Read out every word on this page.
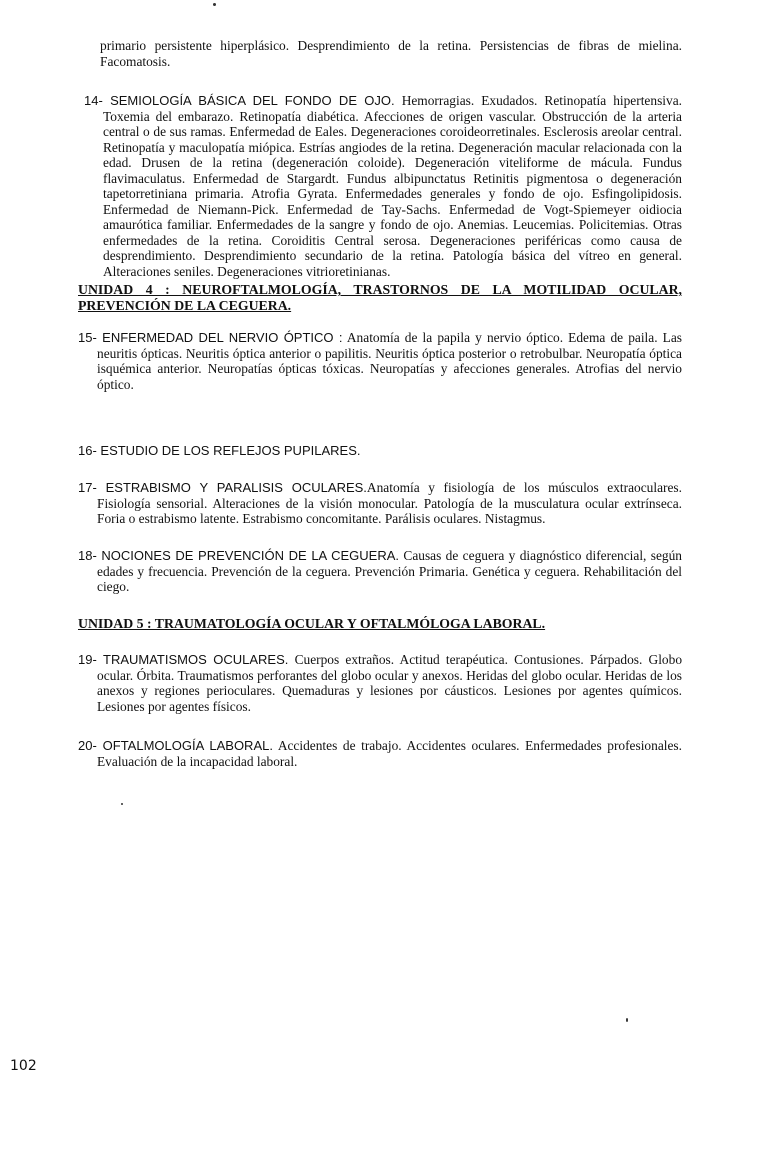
primario persistente hiperplásico. Desprendimiento de la retina. Persistencias de fibras de mielina. Facomatosis.
14- SEMIOLOGÍA BÁSICA DEL FONDO DE OJO. Hemorragias. Exudados. Retinopatía hipertensiva. Toxemia del embarazo. Retinopatía diabética. Afecciones de origen vascular. Obstrucción de la arteria central o de sus ramas. Enfermedad de Eales. Degeneraciones coroideorretinales. Esclerosis areolar central. Retinopatía y maculopatía miópica. Estrías angiodes de la retina. Degeneración macular relacionada con la edad. Drusen de la retina (degeneración coloide). Degeneración viteliforme de mácula. Fundus flavimaculatus. Enfermedad de Stargardt. Fundus albipunctatus Retinitis pigmentosa o degeneración tapetorretiniana primaria. Atrofia Gyrata. Enfermedades generales y fondo de ojo. Esfingolipidosis. Enfermedad de Niemann-Pick. Enfermedad de Tay-Sachs. Enfermedad de Vogt-Spiemeyer oidiocia amaurótica familiar. Enfermedades de la sangre y fondo de ojo. Anemias. Leucemias. Policitemias. Otras enfermedades de la retina. Coroiditis Central serosa. Degeneraciones periféricas como causa de desprendimiento. Desprendimiento secundario de la retina. Patología básica del vítreo en general. Alteraciones seniles. Degeneraciones vitrioretinianas.
UNIDAD 4 : NEUROFTALMOLOGÍA, TRASTORNOS DE LA MOTILIDAD OCULAR,
PREVENCIÓN DE LA CEGUERA.
15- ENFERMEDAD DEL NERVIO ÓPTICO : Anatomía de la papila y nervio óptico. Edema de paila. Las neuritis ópticas. Neuritis óptica anterior o papilitis. Neuritis óptica posterior o retrobulbar. Neuropatía óptica isquémica anterior. Neuropatías ópticas tóxicas. Neuropatías y afecciones generales. Atrofias del nervio óptico.
16- ESTUDIO DE LOS REFLEJOS PUPILARES.
17- ESTRABISMO Y PARALISIS OCULARES.Anatomía y fisiología de los músculos extraoculares. Fisiología sensorial. Alteraciones de la visión monocular. Patología de la musculatura ocular extrínseca. Foria o estrabismo latente. Estrabismo concomitante. Parálisis oculares. Nistagmus.
18- NOCIONES DE PREVENCIÓN DE LA CEGUERA. Causas de ceguera y diagnóstico diferencial, según edades y frecuencia. Prevención de la ceguera. Prevención Primaria. Genética y ceguera. Rehabilitación del ciego.
UNIDAD 5 : TRAUMATOLOGÍA OCULAR Y OFTALMÓLOGA LABORAL.
19- TRAUMATISMOS OCULARES. Cuerpos extraños. Actitud terapéutica. Contusiones. Párpados. Globo ocular. Órbita. Traumatismos perforantes del globo ocular y anexos. Heridas del globo ocular. Heridas de los anexos y regiones perioculares. Quemaduras y lesiones por cáusticos. Lesiones por agentes químicos. Lesiones por agentes físicos.
20- OFTALMOLOGÍA LABORAL. Accidentes de trabajo. Accidentes oculares. Enfermedades profesionales. Evaluación de la incapacidad laboral.
102
